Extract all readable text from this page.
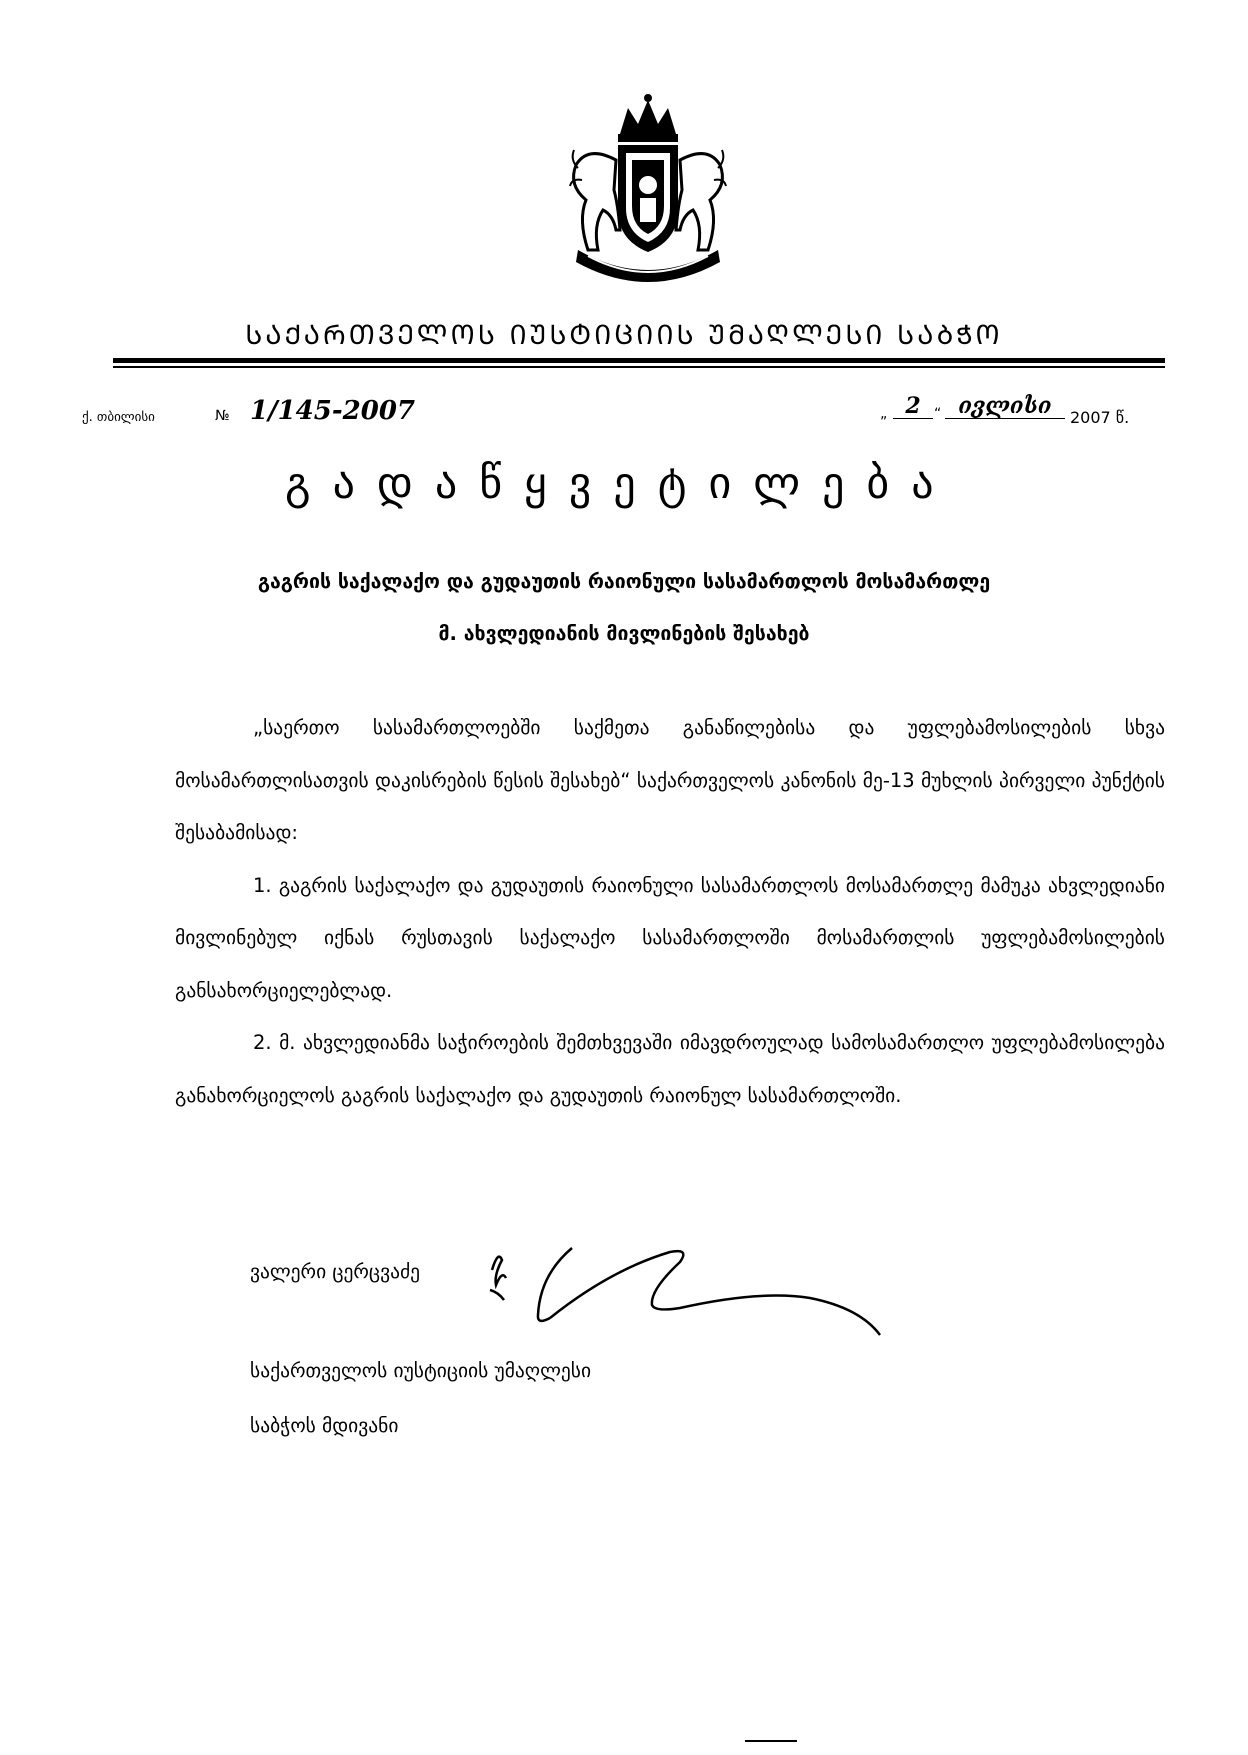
ᲡᲐᲥᲐᲠᲗᲕᲔᲚᲝᲡ ᲘᲣᲡᲢᲘᲪᲘᲘᲡ ᲣᲛᲐᲦᲚᲔᲡᲘ ᲡᲐᲑᲭᲝ
ქ. თბილისი	№ 1/145-2007	„ 2 “ ივლისი	2007 წ.
გადაწყვეტილება
გაგრის საქალაქო და გუდაუთის რაიონული სასამართლოს მოსამართლე
მ. ახვლედიანის მივლინების შესახებ

„საერთო სასამართლოებში საქმეთა განაწილებისა და უფლებამოსილების სხვა მოსამართლისათვის დაკისრების წესის შესახებ“ საქართველოს კანონის მე-13 მუხლის პირველი პუნქტის შესაბამისად:

1. გაგრის საქალაქო და გუდაუთის რაიონული სასამართლოს მოსამართლე მამუკა ახვლედიანი მივლინებულ იქნას რუსთავის საქალაქო სასამართლოში მოსამართლის უფლებამოსილების განსახორციელებლად.

2. მ. ახვლედიანმა საჭიროების შემთხვევაში იმავდროულად სამოსამართლო უფლებამოსილება განახორციელოს გაგრის საქალაქო და გუდაუთის რაიონულ სასამართლოში.

ვალერი ცერცვაძე
საქართველოს იუსტიციის უმაღლესი
საბჭოს მდივანი
